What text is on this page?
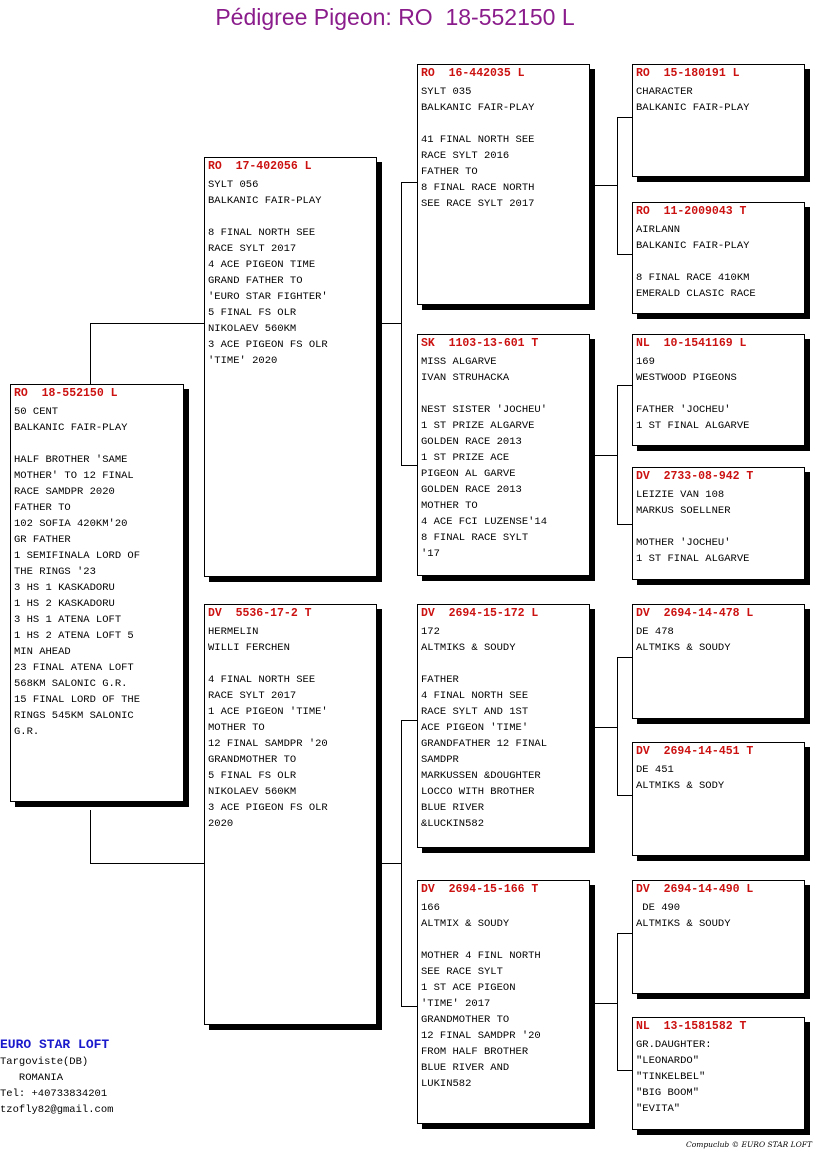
Pédigree Pigeon: RO  18-552150 L
RO  18-552150 L
50 CENT
BALKANIC FAIR-PLAY
HALF BROTHER 'SAME
MOTHER' TO 12 FINAL
RACE SAMDPR 2020
FATHER TO
102 SOFIA 420KM'20
GR FATHER
1 SEMIFINALA LORD OF
THE RINGS '23
3 HS 1 KASKADORU
1 HS 2 KASKADORU
3 HS 1 ATENA LOFT
1 HS 2 ATENA LOFT 5
MIN AHEAD
23 FINAL ATENA LOFT
568KM SALONIC G.R.
15 FINAL LORD OF THE
RINGS 545KM SALONIC
G.R.
RO  17-402056 L
SYLT 056
BALKANIC FAIR-PLAY
8 FINAL NORTH SEE
RACE SYLT 2017
4 ACE PIGEON TIME
GRAND FATHER TO
'EURO STAR FIGHTER'
5 FINAL FS OLR
NIKOLAEV 560KM
3 ACE PIGEON FS OLR
'TIME' 2020
DV  5536-17-2 T
HERMELIN
WILLI FERCHEN
4 FINAL NORTH SEE
RACE SYLT 2017
1 ACE PIGEON 'TIME'
MOTHER TO
12 FINAL SAMDPR '20
GRANDMOTHER TO
5 FINAL FS OLR
NIKOLAEV 560KM
3 ACE PIGEON FS OLR
2020
RO  16-442035 L
SYLT 035
BALKANIC FAIR-PLAY
41 FINAL NORTH SEE
RACE SYLT 2016
FATHER TO
8 FINAL RACE NORTH
SEE RACE SYLT 2017
SK  1103-13-601 T
MISS ALGARVE
IVAN STRUHACKA
NEST SISTER 'JOCHEU'
1 ST PRIZE ALGARVE
GOLDEN RACE 2013
1 ST PRIZE ACE
PIGEON AL GARVE
GOLDEN RACE 2013
MOTHER TO
4 ACE FCI LUZENSE'14
8 FINAL RACE SYLT
'17
DV  2694-15-172 L
172
ALTMIKS & SOUDY
FATHER
4 FINAL NORTH SEE
RACE SYLT AND 1ST
ACE PIGEON 'TIME'
GRANDFATHER 12 FINAL
SAMDPR
MARKUSSEN &DOUGHTER
LOCCO WITH BROTHER
BLUE RIVER
&LUCKIN582
DV  2694-15-166 T
166
ALTMIX & SOUDY
MOTHER 4 FINL NORTH
SEE RACE SYLT
1 ST ACE PIGEON
'TIME' 2017
GRANDMOTHER TO
12 FINAL SAMDPR '20
FROM HALF BROTHER
BLUE RIVER AND
LUKIN582
RO  15-180191 L
CHARACTER
BALKANIC FAIR-PLAY
RO  11-2009043 T
AIRLANN
BALKANIC FAIR-PLAY
8 FINAL RACE 410KM
EMERALD CLASIC RACE
NL  10-1541169 L
169
WESTWOOD PIGEONS
FATHER 'JOCHEU'
1 ST FINAL ALGARVE
DV  2733-08-942 T
LEIZIE VAN 108
MARKUS SOELLNER
MOTHER 'JOCHEU'
1 ST FINAL ALGARVE
DV  2694-14-478 L
DE 478
ALTMIKS & SOUDY
DV  2694-14-451 T
DE 451
ALTMIKS & SODY
DV  2694-14-490 L
DE 490
ALTMIKS & SOUDY
NL  13-1581582 T
GR.DAUGHTER:
"LEONARDO"
"TINKELBEL"
"BIG BOOM"
"EVITA"
EURO STAR LOFT
Targoviste(DB)
ROMANIA
Tel: +40733834201
tzofly82@gmail.com
Compuclub © EURO STAR LOFT
